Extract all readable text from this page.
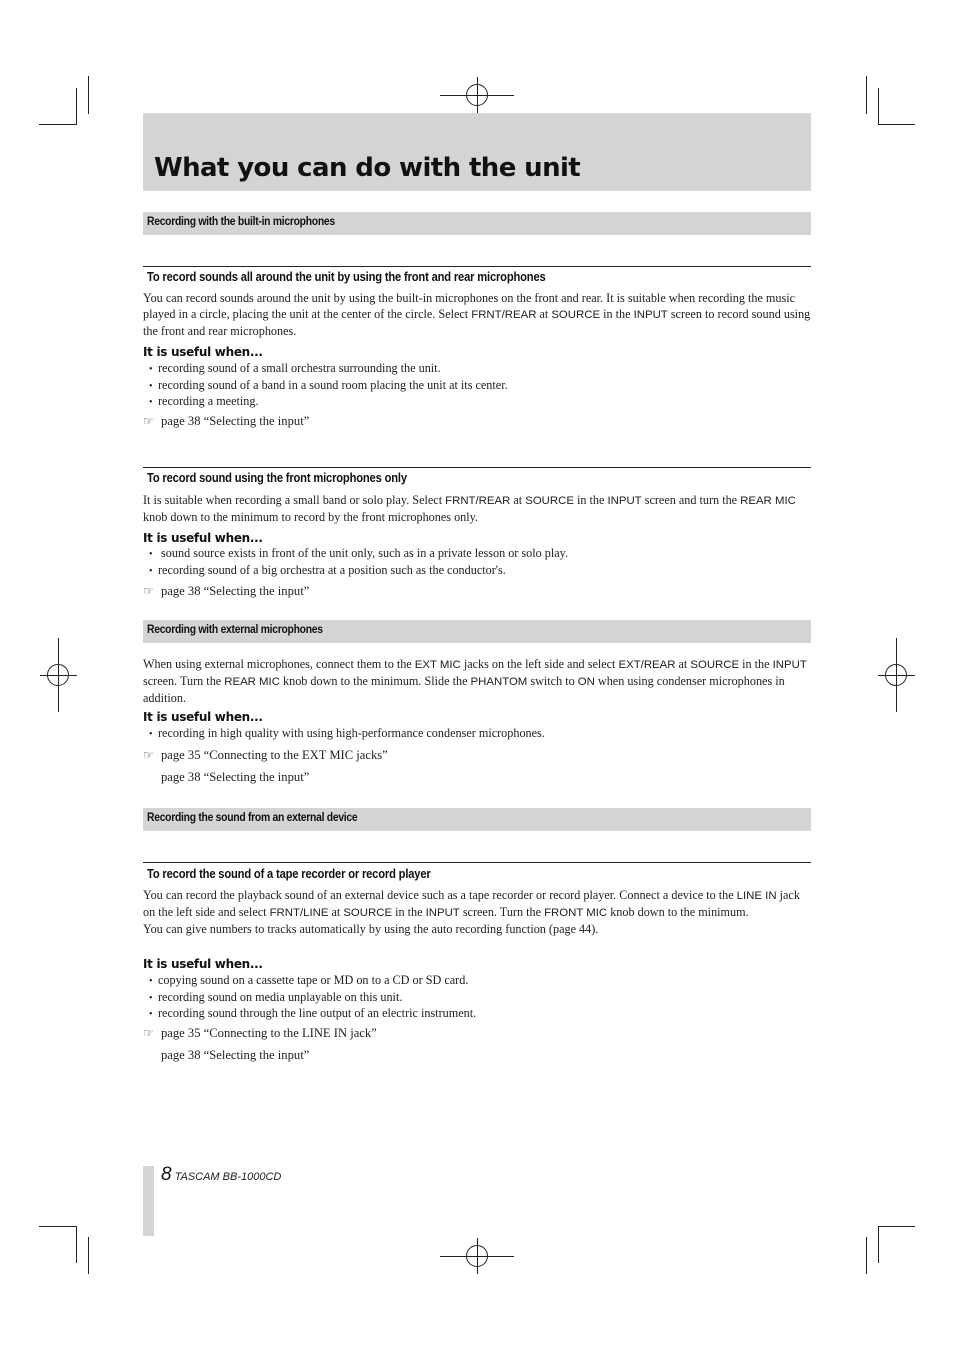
What you can do with the unit
Recording with the built-in microphones
To record sounds all around the unit by using the front and rear microphones
You can record sounds around the unit by using the built-in microphones on the front and rear. It is suitable when recording the music played in a circle, placing the unit at the center of the circle. Select FRNT/REAR at SOURCE in the INPUT screen to record sound using the front and rear microphones.
It is useful when...
• recording sound of a small orchestra surrounding the unit.
• recording sound of a band in a sound room placing the unit at its center.
• recording a meeting.
☞ page 38 “Selecting the input”
To record sound using the front microphones only
It is suitable when recording a small band or solo play. Select FRNT/REAR at SOURCE in the INPUT screen and turn the REAR MIC knob down to the minimum to record by the front microphones only.
It is useful when...
• sound source exists in front of the unit only, such as in a private lesson or solo play.
• recording sound of a big orchestra at a position such as the conductor's.
☞ page 38 “Selecting the input”
Recording with external microphones
When using external microphones, connect them to the EXT MIC jacks on the left side and select EXT/REAR at SOURCE in the INPUT screen. Turn the REAR MIC knob down to the minimum. Slide the PHANTOM switch to ON when using condenser microphones in addition.
It is useful when...
• recording in high quality with using high-performance condenser microphones.
☞ page 35 “Connecting to the EXT MIC jacks”
page 38 “Selecting the input”
Recording the sound from an external device
To record the sound of a tape recorder or record player
You can record the playback sound of an external device such as a tape recorder or record player. Connect a device to the LINE IN jack on the left side and select FRNT/LINE at SOURCE in the INPUT screen. Turn the FRONT MIC knob down to the minimum.
You can give numbers to tracks automatically by using the auto recording function (page 44).
It is useful when...
• copying sound on a cassette tape or MD on to a CD or SD card.
• recording sound on media unplayable on this unit.
• recording sound through the line output of an electric instrument.
☞ page 35 “Connecting to the LINE IN jack”
page 38 “Selecting the input”
8 TASCAM BB-1000CD
